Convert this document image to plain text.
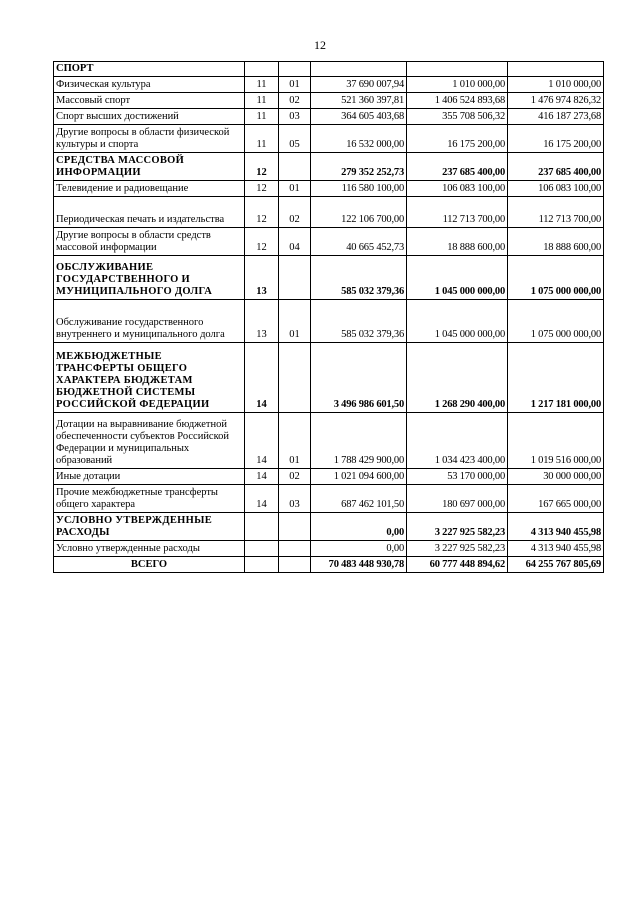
12
СПОРТ					
Физическая культура	11	01	37 690 007,94	1 010 000,00	1 010 000,00
Массовый спорт	11	02	521 360 397,81	1 406 524 893,68	1 476 974 826,32
Спорт высших достижений	11	03	364 605 403,68	355 708 506,32	416 187 273,68
Другие вопросы в области физической культуры и спорта	11	05	16 532 000,00	16 175 200,00	16 175 200,00
СРЕДСТВА МАССОВОЙ ИНФОРМАЦИИ	12		279 352 252,73	237 685 400,00	237 685 400,00
Телевидение и радиовещание	12	01	116 580 100,00	106 083 100,00	106 083 100,00
Периодическая печать и издательства	12	02	122 106 700,00	112 713 700,00	112 713 700,00
Другие вопросы в области средств массовой информации	12	04	40 665 452,73	18 888 600,00	18 888 600,00
ОБСЛУЖИВАНИЕ ГОСУДАРСТВЕННОГО И МУНИЦИПАЛЬНОГО ДОЛГА	13		585 032 379,36	1 045 000 000,00	1 075 000 000,00
Обслуживание государственного внутреннего и муниципального долга	13	01	585 032 379,36	1 045 000 000,00	1 075 000 000,00
МЕЖБЮДЖЕТНЫЕ ТРАНСФЕРТЫ ОБЩЕГО ХАРАКТЕРА БЮДЖЕТАМ БЮДЖЕТНОЙ СИСТЕМЫ РОССИЙСКОЙ ФЕДЕРАЦИИ	14		3 496 986 601,50	1 268 290 400,00	1 217 181 000,00
Дотации на выравнивание бюджетной обеспеченности субъектов Российской Федерации и муниципальных образований	14	01	1 788 429 900,00	1 034 423 400,00	1 019 516 000,00
Иные дотации	14	02	1 021 094 600,00	53 170 000,00	30 000 000,00
Прочие межбюджетные трансферты общего характера	14	03	687 462 101,50	180 697 000,00	167 665 000,00
УСЛОВНО УТВЕРЖДЕННЫЕ РАСХОДЫ			0,00	3 227 925 582,23	4 313 940 455,98
Условно утвержденные расходы			0,00	3 227 925 582,23	4 313 940 455,98
ВСЕГО			70 483 448 930,78	60 777 448 894,62	64 255 767 805,69
